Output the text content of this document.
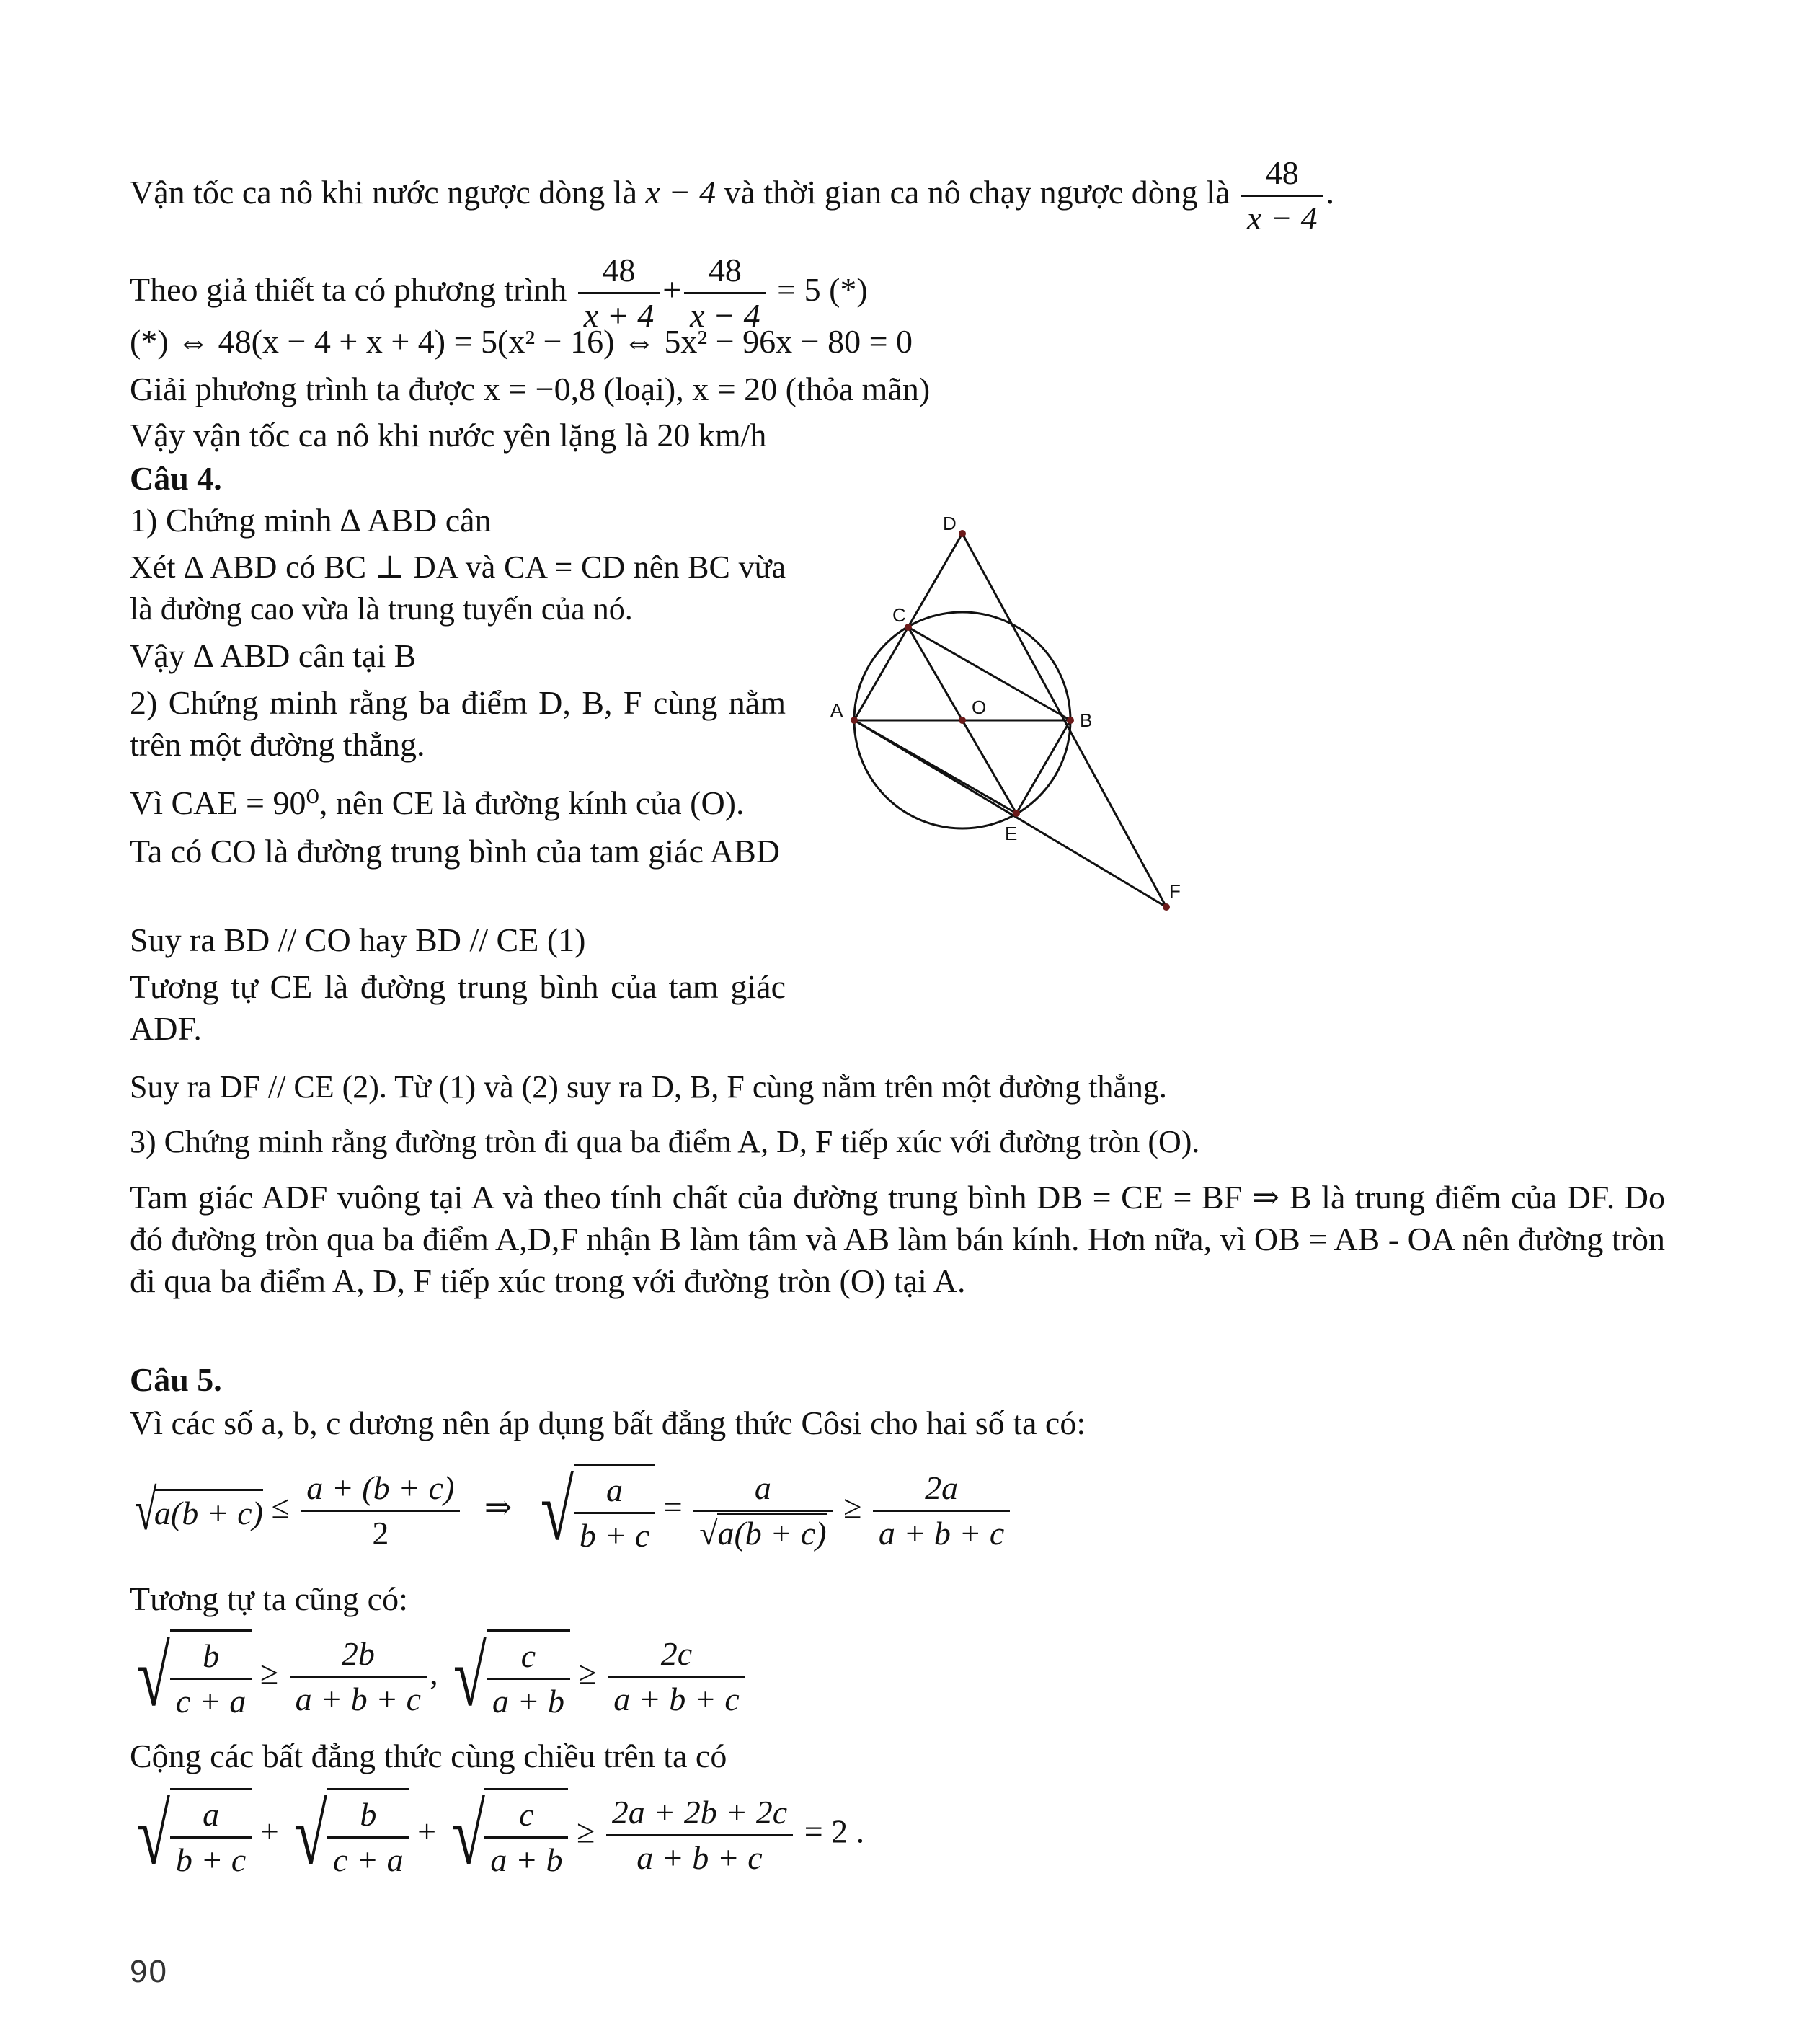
Vận tốc ca nô khi nước ngược dòng là x − 4 và thời gian ca nô chạy ngược dòng là $\frac{48}{x - 4}$ .
Theo giả thiết ta có phương trình $\frac{48}{x + 4} + \frac{48}{x - 4} = 5$ (*)
(*) ⇔ 48(x − 4 + x + 4) = 5(x² − 16) ⇔ 5x² − 96x − 80 = 0
Giải phương trình ta được x = −0,8 (loại), x = 20 (thỏa mãn)
Vậy vận tốc ca nô khi nước yên lặng là 20 km/h
Câu 4.
1) Chứng minh ∆ ABD cân
Xét ∆ ABD có BC ⊥ DA và CA = CD nên BC vừa là đường cao vừa là trung tuyến của nó.
Vậy ∆ ABD cân tại B
2) Chứng minh rằng ba điểm D, B, F cùng nằm trên một đường thẳng.
Vì CAE = 90⁰, nên CE là đường kính của (O).
Ta có CO là đường trung bình của tam giác ABD
Suy ra BD // CO hay BD // CE (1)
Tương tự CE là đường trung bình của tam giác ADF.
Suy ra DF // CE (2). Từ (1) và (2) suy ra D, B, F cùng nằm trên một đường thẳng.
3) Chứng minh rằng đường tròn đi qua ba điểm A, D, F tiếp xúc với đường tròn (O).
Tam giác ADF vuông tại A và theo tính chất của đường trung bình DB = CE = BF ⇒ B là trung điểm của DF. Do đó đường tròn qua ba điểm A,D,F nhận B làm tâm và AB làm bán kính. Hơn nữa, vì OB = AB - OA nên đường tròn đi qua ba điểm A, D, F tiếp xúc trong với đường tròn (O) tại A.
D
C
A	O
B
E
F
Câu 5.
Vì các số a, b, c dương nên áp dụng bất đẳng thức Côsi cho hai số ta có:
$√a(b + c) \le \frac{a + (b + c)}{2}$ ⇒ √ $\frac{a}{b + c} = \frac{a}{√a(b + c)} \ge \frac{2a}{a + b + c}$
Tương tự ta cũng có:
√ $\frac{b}{c + a} \ge \frac{2b}{a + b + c}$ , √ $\frac{c}{a + b} \ge \frac{2c}{a + b + c}$
Cộng các bất đẳng thức cùng chiều trên ta có
√ $\frac{a}{b + c}$ + √ $\frac{b}{c + a}$ + √ $\frac{c}{a + b} \ge \frac{2a + 2b + 2c}{a + b + c} = 2$ .
90
